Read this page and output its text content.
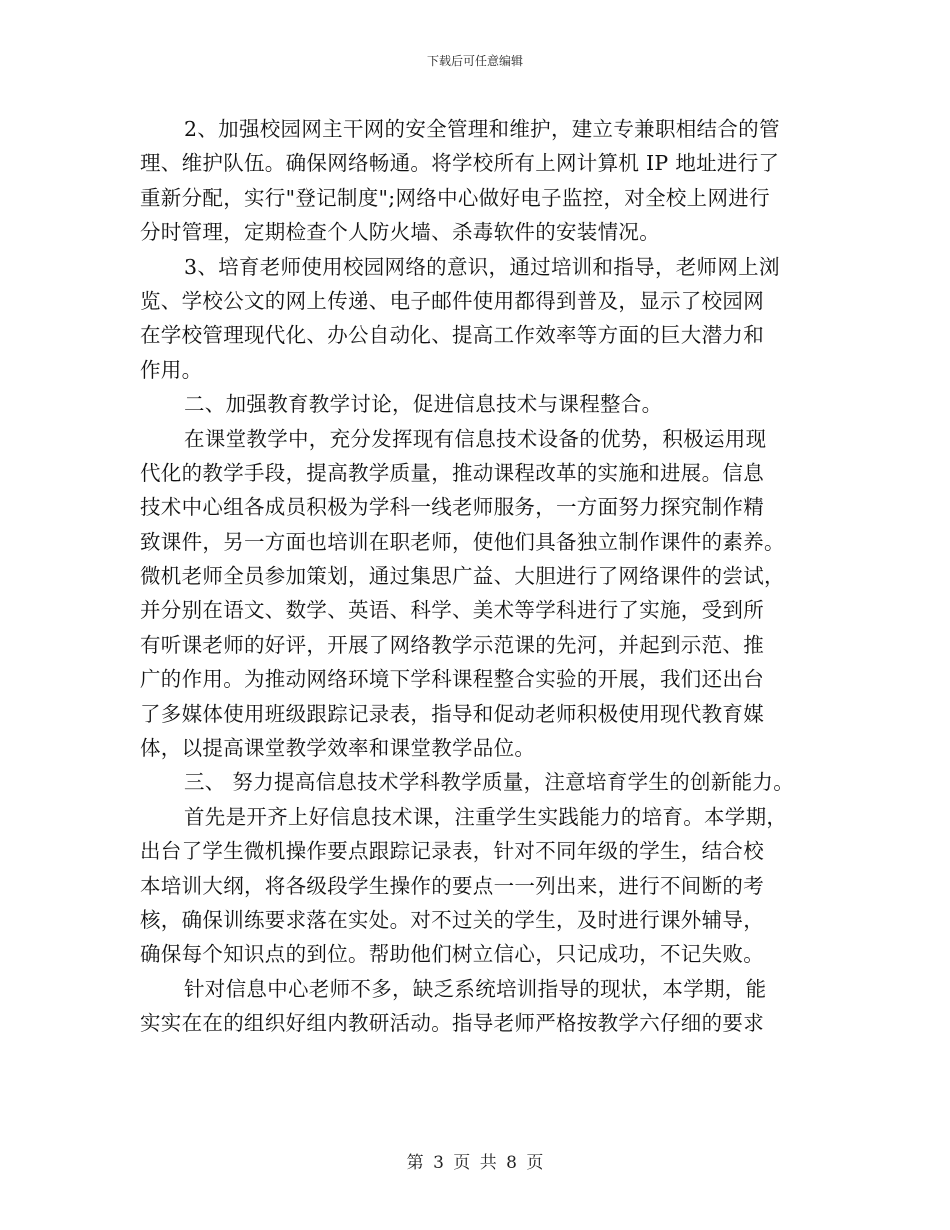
下载后可任意编辑
2、加强校园网主干网的安全管理和维护，建立专兼职相结合的管
理、维护队伍。确保网络畅通。将学校所有上网计算机 IP 地址进行了
重新分配，实行"登记制度";网络中心做好电子监控，对全校上网进行
分时管理，定期检查个人防火墙、杀毒软件的安装情况。
3、培育老师使用校园网络的意识，通过培训和指导，老师网上浏
览、学校公文的网上传递、电子邮件使用都得到普及，显示了校园网
在学校管理现代化、办公自动化、提高工作效率等方面的巨大潜力和
作用。
二、加强教育教学讨论，促进信息技术与课程整合。
在课堂教学中，充分发挥现有信息技术设备的优势，积极运用现
代化的教学手段，提高教学质量，推动课程改革的实施和进展。信息
技术中心组各成员积极为学科一线老师服务，一方面努力探究制作精
致课件，另一方面也培训在职老师，使他们具备独立制作课件的素养。
微机老师全员参加策划，通过集思广益、大胆进行了网络课件的尝试，
并分别在语文、数学、英语、科学、美术等学科进行了实施，受到所
有听课老师的好评，开展了网络教学示范课的先河，并起到示范、推
广的作用。为推动网络环境下学科课程整合实验的开展，我们还出台
了多媒体使用班级跟踪记录表，指导和促动老师积极使用现代教育媒
体，以提高课堂教学效率和课堂教学品位。
三、 努力提高信息技术学科教学质量，注意培育学生的创新能力。
首先是开齐上好信息技术课，注重学生实践能力的培育。本学期，
出台了学生微机操作要点跟踪记录表，针对不同年级的学生，结合校
本培训大纲，将各级段学生操作的要点一一列出来，进行不间断的考
核，确保训练要求落在实处。对不过关的学生，及时进行课外辅导，
确保每个知识点的到位。帮助他们树立信心，只记成功，不记失败。
针对信息中心老师不多，缺乏系统培训指导的现状，本学期，能
实实在在的组织好组内教研活动。指导老师严格按教学六仔细的要求
第 3 页 共 8 页
